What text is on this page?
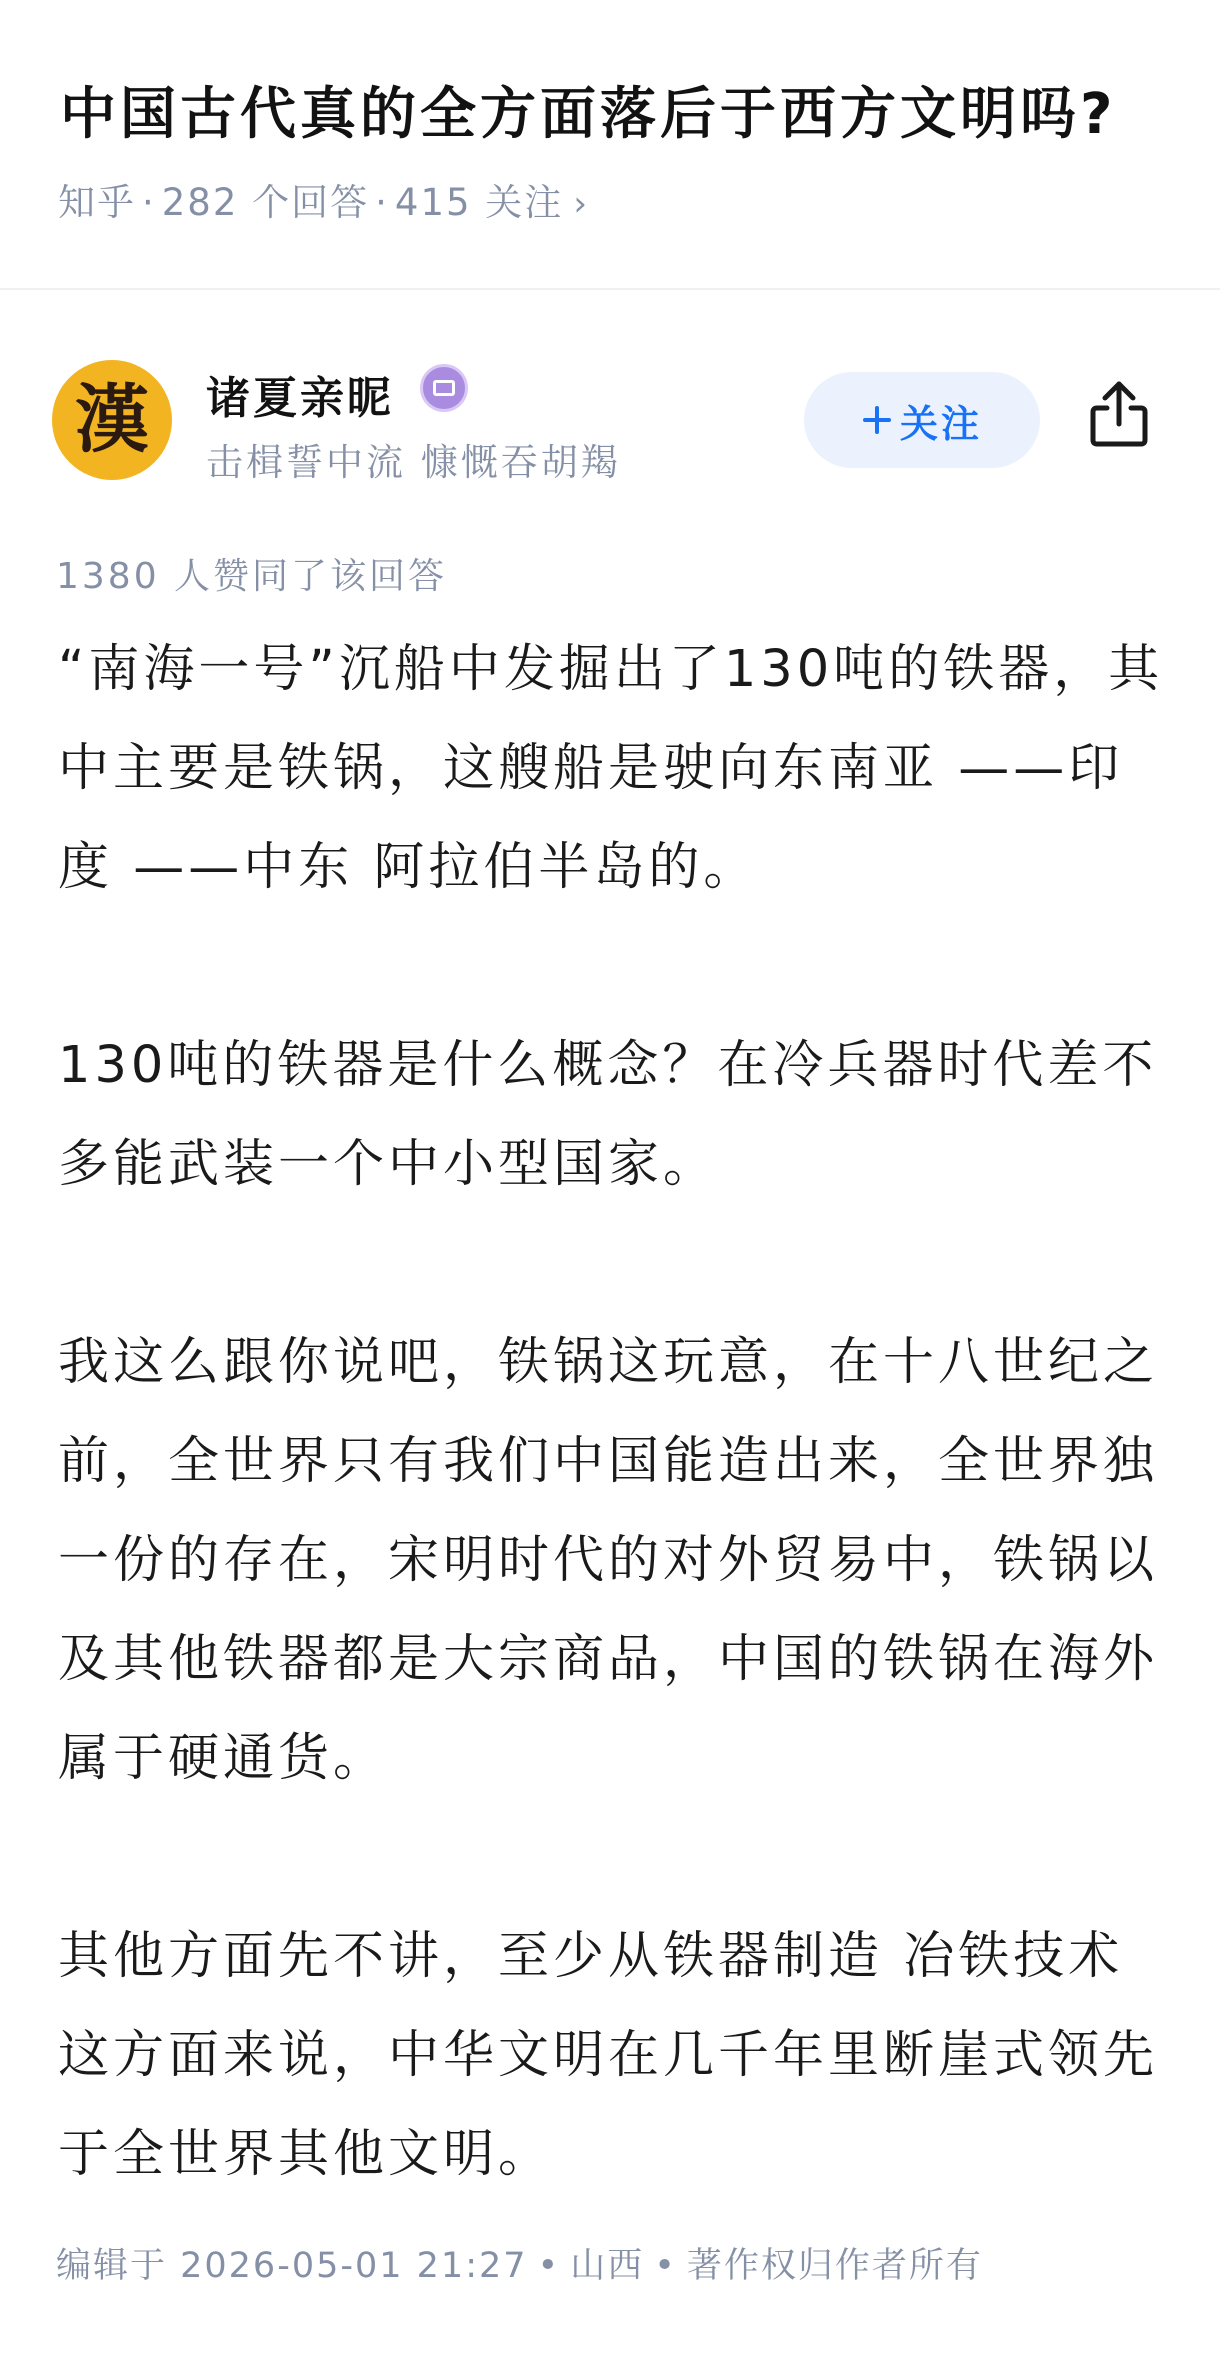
中国古代真的全方面落后于西方文明吗?
知乎 · 282 个回答 · 415 关注 ›
漢 诸夏亲昵
击楫誓中流 慷慨吞胡羯
关注
1380 人赞同了该回答

“南海一号”沉船中发掘出了130吨的铁器，其中主要是铁锅，这艘船是驶向东南亚 ——印度 ——中东 阿拉伯半岛的。

130吨的铁器是什么概念？在冷兵器时代差不多能武装一个中小型国家。

我这么跟你说吧，铁锅这玩意，在十八世纪之前，全世界只有我们中国能造出来，全世界独一份的存在，宋明时代的对外贸易中，铁锅以及其他铁器都是大宗商品，中国的铁锅在海外属于硬通货。

其他方面先不讲，至少从铁器制造 冶铁技术这方面来说，中华文明在几千年里断崖式领先于全世界其他文明。

编辑于 2026-05-01 21:27 • 山西 • 著作权归作者所有
